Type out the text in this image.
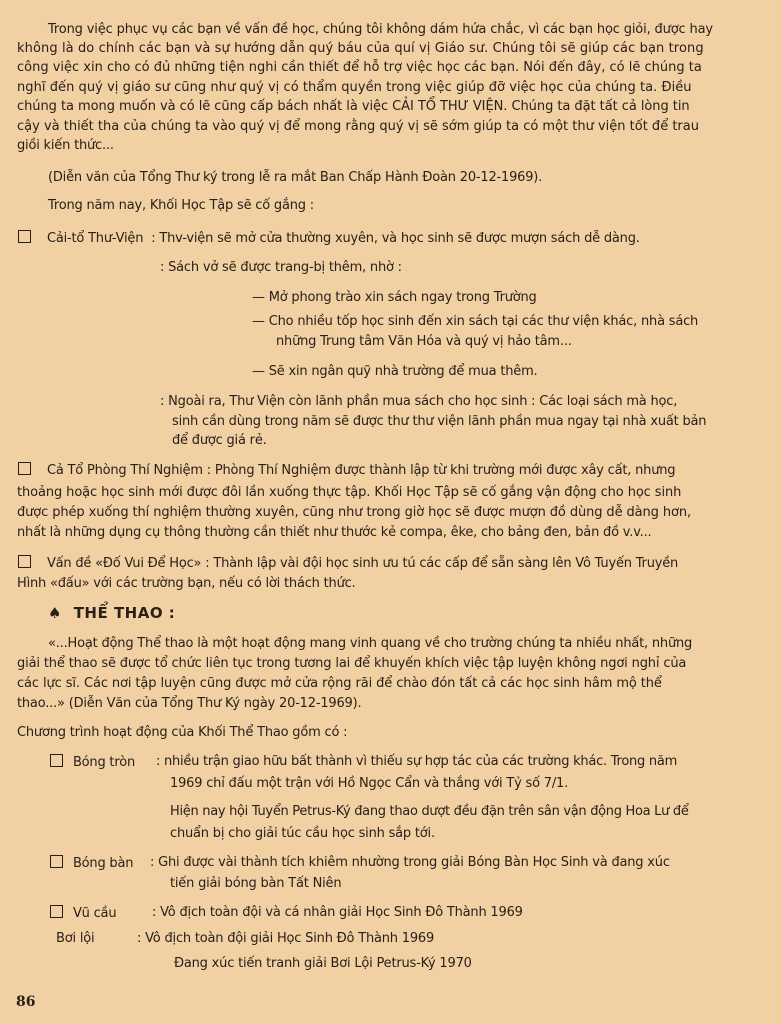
Trong việc phục vụ các bạn về vấn đề học, chúng tôi không dám hứa chắc, vì các bạn học giỏi, được hay
không là do chính các bạn và sự hướng dẫn quý báu của quí vị Giáo sư. Chúng tôi sẽ giúp các bạn trong
công việc xin cho có đủ những tiện nghi cần thiết để hỗ trợ việc học các bạn. Nói đến đây, có lẽ chúng ta
nghĩ đến quý vị giáo sư cũng như quý vị có thẩm quyền trong việc giúp đỡ việc học của chúng ta. Điều
chúng ta mong muốn và có lẽ cũng cấp bách nhất là việc CẢI TỔ THƯ VIỆN. Chúng ta đặt tất cả lòng tin
cậy và thiết tha của chúng ta vào quý vị để mong rằng quý vị sẽ sớm giúp ta có một thư viện tốt để trau
giồi kiến thức...
(Diễn văn của Tổng Thư ký trong lễ ra mắt Ban Chấp Hành Đoàn 20-12-1969).
Trong năm nay, Khối Học Tập sẽ cố gắng :
Cải-tổ Thư-Viện : Thv-viện sẽ mở cửa thường xuyên, và học sinh sẽ được mượn sách dễ dàng.
: Sách vở sẽ được trang-bị thêm, nhờ :
— Mở phong trào xin sách ngay trong Trường
— Cho nhiều tốp học sinh đến xin sách tại các thư viện khác, nhà sách
những Trung tâm Văn Hóa và quý vị hảo tâm...
— Sẽ xin ngân quỹ nhà trường để mua thêm.
: Ngoài ra, Thư Viện còn lãnh phần mua sách cho học sinh : Các loại sách mà học,
sinh cần dùng trong năm sẽ được thư thư viện lãnh phần mua ngay tại nhà xuất bản
để được giá rẻ.
Cả Tổ Phòng Thí Nghiệm : Phòng Thí Nghiệm được thành lập từ khi trường mới được xây cất, nhưng
thoảng hoặc học sinh mới được đôi lần xuống thực tập. Khối Học Tập sẽ cố gắng vận động cho học sinh
được phép xuống thí nghiệm thường xuyên, cũng như trong giờ học sẽ được mượn đồ dùng dễ dàng hơn,
nhất là những dụng cụ thông thường cần thiết như thước kẻ compa, êke, cho bảng đen, bản đồ v.v...
Vấn đề «Đố Vui Để Học» : Thành lập vài đội học sinh ưu tú các cấp để sẵn sàng lên Vô Tuyến Truyền
Hình «đấu» với các trường bạn, nếu có lời thách thức.
♠ THỂ THAO :
«...Hoạt động Thể thao là một hoạt động mang vinh quang về cho trường chúng ta nhiều nhất, những
giải thể thao sẽ được tổ chức liên tục trong tương lai để khuyến khích việc tập luyện không ngơi nghỉ của
các lực sĩ. Các nơi tập luyện cũng được mở cửa rộng rãi để chào đón tất cả các học sinh hâm mộ thể
thao...» (Diễn Văn của Tổng Thư Ký ngày 20-12-1969).
Chương trình hoạt động của Khối Thể Thao gồm có :
Bóng tròn : nhiều trận giao hữu bất thành vì thiếu sự hợp tác của các trường khác. Trong năm
1969 chỉ đấu một trận với Hồ Ngọc Cẩn và thắng với Tỷ số 7/1.
Hiện nay hội Tuyển Petrus-Ký đang thao dượt đều đặn trên sân vận động Hoa Lư để
chuẩn bị cho giải túc cầu học sinh sắp tới.
Bóng bàn : Ghi được vài thành tích khiêm nhường trong giải Bóng Bàn Học Sinh và đang xúc
tiến giải bóng bàn Tất Niên
Vũ cầu	: Vô địch toàn đội và cá nhân giải Học Sinh Đô Thành 1969
Bơi lội	: Vô địch toàn đội giải Học Sinh Đô Thành 1969
Đang xúc tiến tranh giải Bơi Lội Petrus-Ký 1970
86
